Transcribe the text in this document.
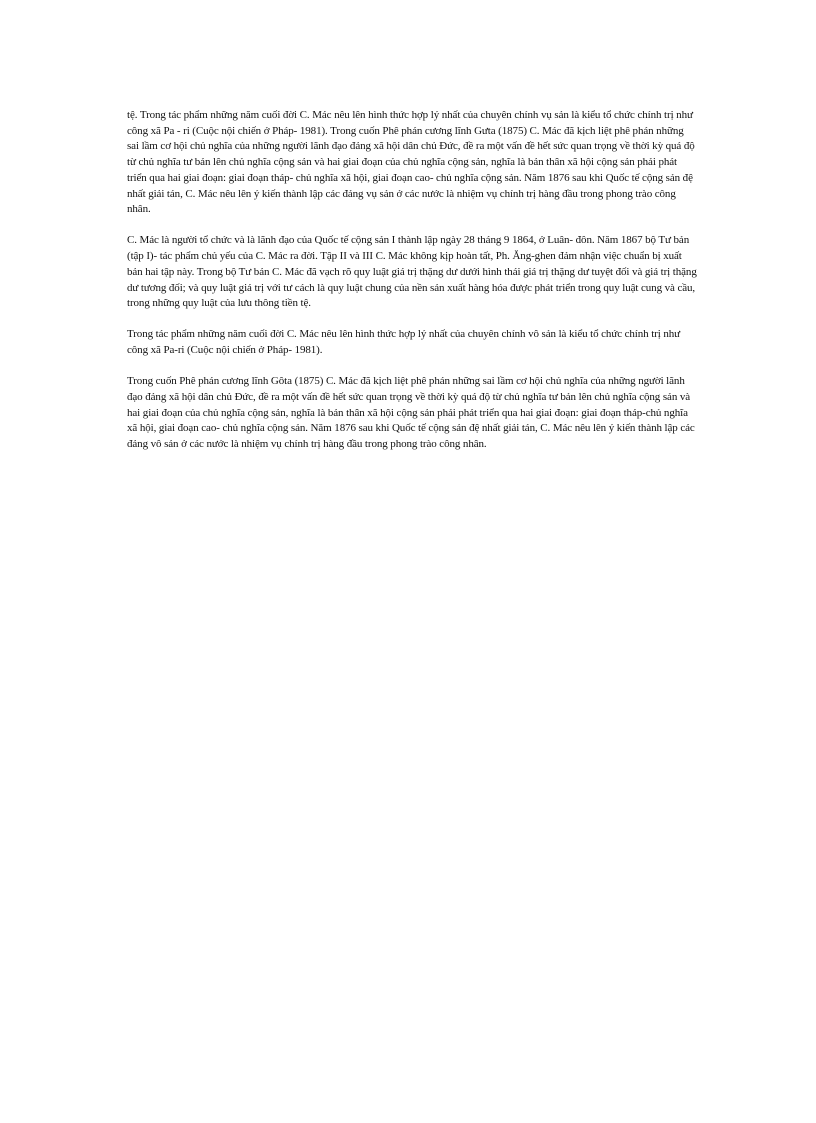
tệ. Trong tác phẩm những năm cuối đời C. Mác nêu lên hình thức hợp lý nhất của chuyên chính vụ sản là kiểu tổ chức chính trị như công xã Pa - ri (Cuộc nội chiến ở Pháp- 1981). Trong cuốn Phê phán cương lĩnh Gưta (1875) C. Mác đã kịch liệt phê phán những sai lầm cơ hội chủ nghĩa của những người lãnh đạo đảng xã hội dân chủ Đức, đề ra một vấn đề hết sức quan trọng về thời kỳ quá độ từ chủ nghĩa tư bản lên chủ nghĩa cộng sản và hai giai đoạn của chủ nghĩa cộng sản, nghĩa là bản thân xã hội cộng sản phải phát triển qua hai giai đoạn: giai đoạn tháp- chủ nghĩa xã hội, giai đoạn cao- chủ nghĩa cộng sản. Năm 1876 sau khi Quốc tế cộng sản đệ nhất giải tán, C. Mác nêu lên ý kiến thành lập các đảng vụ sản ở các nước là nhiệm vụ chính trị hàng đầu trong phong trào công nhân.

C. Mác là người tổ chức và là lãnh đạo của Quốc tế cộng sản I thành lập ngày 28 tháng 9 1864, ở Luân- đôn. Năm 1867 bộ Tư bản (tập I)- tác phẩm chủ yếu của C. Mác ra đời. Tập II và III C. Mác không kịp hoàn tất, Ph. Ăng-ghen đảm nhận việc chuẩn bị xuất bản hai tập này. Trong bộ Tư bản C. Mác đã vạch rõ quy luật giá trị thặng dư dưới hình thái giá trị thặng dư tuyệt đối và giá trị thặng dư tương đối; và quy luật giá trị với tư cách là quy luật chung của nền sản xuất hàng hóa được phát triển trong quy luật cung và cầu, trong những quy luật của lưu thông tiền tệ.

Trong tác phẩm những năm cuối đời C. Mác nêu lên hình thức hợp lý nhất của chuyên chính vô sản là kiểu tổ chức chính trị như công xã Pa-ri (Cuộc nội chiến ở Pháp- 1981).

Trong cuốn Phê phán cương lĩnh Gôta (1875) C. Mác đã kịch liệt phê phán những sai lầm cơ hội chủ nghĩa của những người lãnh đạo đảng xã hội dân chủ Đức, đề ra một vấn đề hết sức quan trọng về thời kỳ quá độ từ chủ nghĩa tư bản lên chủ nghĩa cộng sản và hai giai đoạn của chủ nghĩa cộng sản, nghĩa là bản thân xã hội cộng sản phải phát triển qua hai giai đoạn: giai đoạn tháp-chủ nghĩa xã hội, giai đoạn cao- chủ nghĩa cộng sản. Năm 1876 sau khi Quốc tế cộng sản đệ nhất giải tán, C. Mác nêu lên ý kiến thành lập các đảng vô sản ở các nước là nhiệm vụ chính trị hàng đầu trong phong trào công nhân.
